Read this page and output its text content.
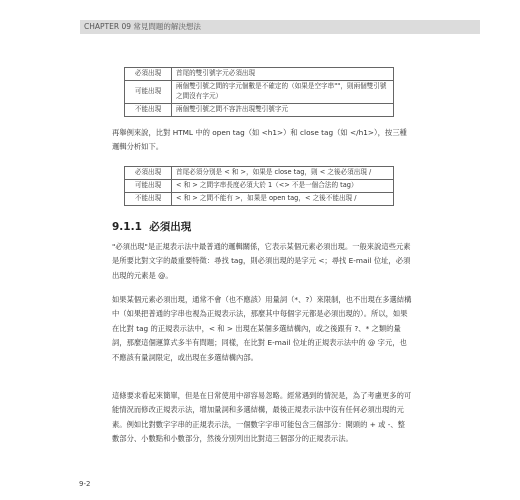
CHAPTER 09 常見問題的解決想法
必須出現	首尾的雙引號字元必須出現
可能出現	兩個雙引號之間的字元個數是不確定的（如果是空字串""，則兩個雙引號之間沒有字元）
不能出現	兩個雙引號之間不容許出現雙引號字元
再舉例來說，比對 HTML 中的 open tag（如 <h1>）和 close tag（如 </h1>），按三種邏輯分析如下。
必須出現	首尾必須分別是 < 和 >，如果是 close tag，則 < 之後必須出現 /
可能出現	< 和 > 之間字串長度必須大於 1（<> 不是一個合法的 tag）
不能出現	< 和 > 之間不能有 >，如果是 open tag，< 之後不能出現 /
9.1.1 必須出現
"必須出現"是正規表示法中最普通的邏輯關係，它表示某個元素必須出現。一般來說這些元素是所要比對文字的最重要特徵：尋找 tag，則必須出現的是字元 <；尋找 E-mail 位址，必須出現的元素是 @。
如果某個元素必須出現，通常不會（也不應該）用量詞（*、?）來限制，也不出現在多選結構中（如果把普通的字串也視為正規表示法，那麼其中每個字元都是必須出現的）。所以，如果在比對 tag 的正規表示法中，< 和 > 出現在某個多選結構內，或之後跟有 ?、* 之類的量詞，那麼這個運算式多半有問題；同樣，在比對 E-mail 位址的正規表示法中的 @ 字元，也不應該有量詞限定，或出現在多選結構內部。
這條要求看起來簡單，但是在日常使用中卻容易忽略。經常遇到的情況是，為了考慮更多的可能情況而修改正規表示法，增加量詞和多選結構，最後正規表示法中沒有任何必須出現的元素。例如比對數字字串的正規表示法，一個數字字串可能包含三個部分：開頭的 + 或 -、整數部分、小數點和小數部分，然後分別列出比對這三個部分的正規表示法。
9-2
